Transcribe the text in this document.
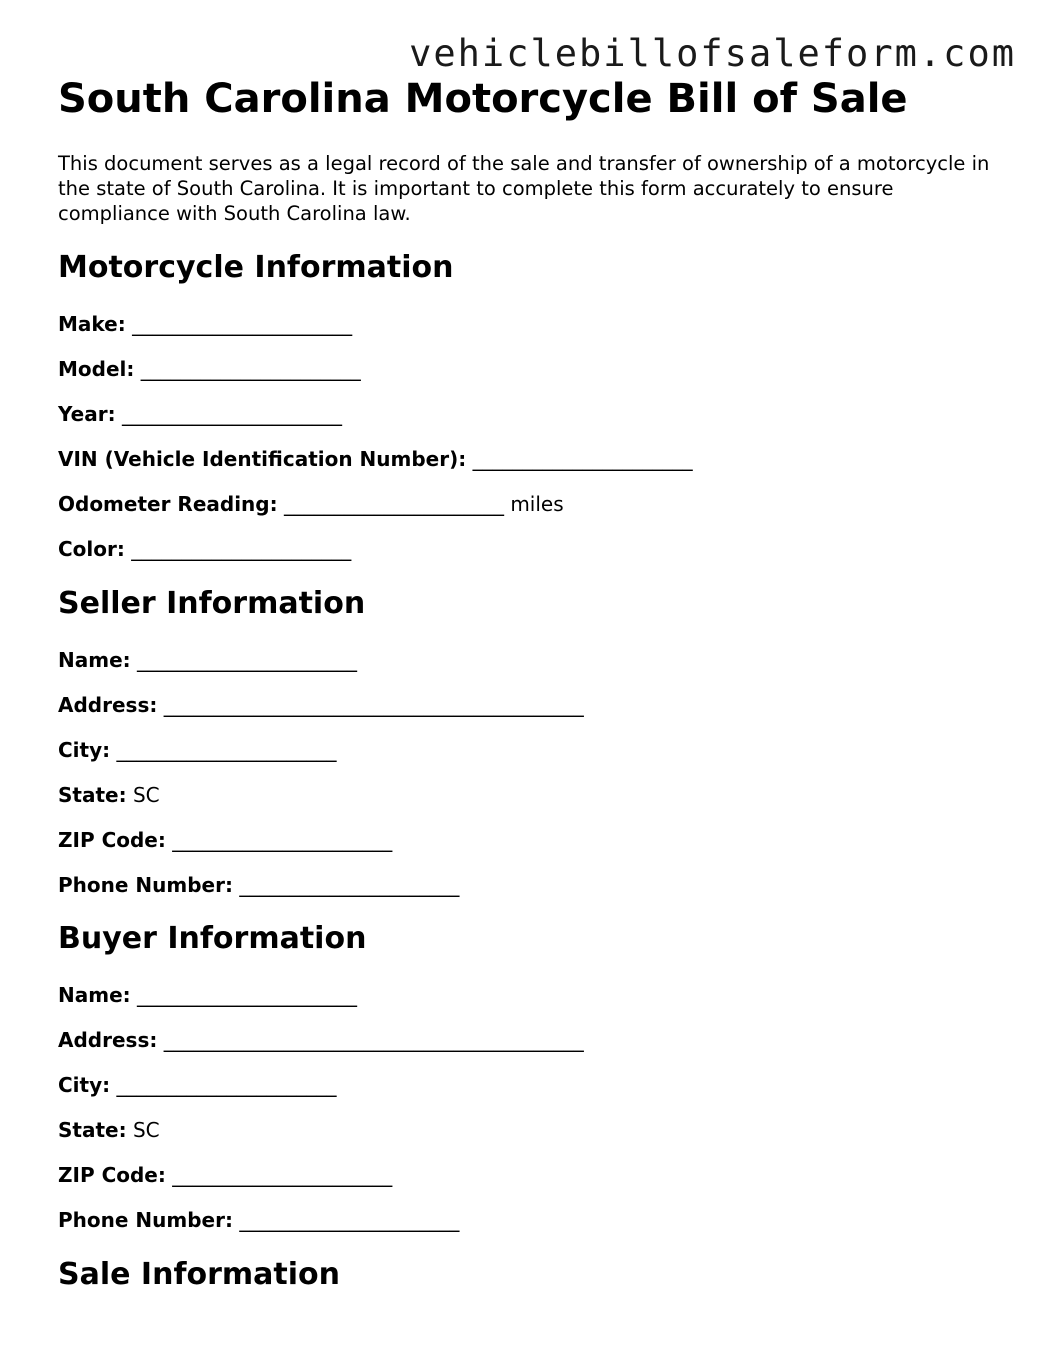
vehiclebillofsaleform.com
South Carolina Motorcycle Bill of Sale

This document serves as a legal record of the sale and transfer of ownership of a motorcycle in the state of South Carolina. It is important to complete this form accurately to ensure compliance with South Carolina law.

Motorcycle Information

Make: ______________________

Model: ______________________

Year: ______________________

VIN (Vehicle Identification Number): ______________________

Odometer Reading: ______________________ miles

Color: ______________________

Seller Information

Name: ______________________

Address: __________________________________________

City: ______________________

State: SC

ZIP Code: ______________________

Phone Number: ______________________

Buyer Information

Name: ______________________

Address: __________________________________________

City: ______________________

State: SC

ZIP Code: ______________________

Phone Number: ______________________

Sale Information
